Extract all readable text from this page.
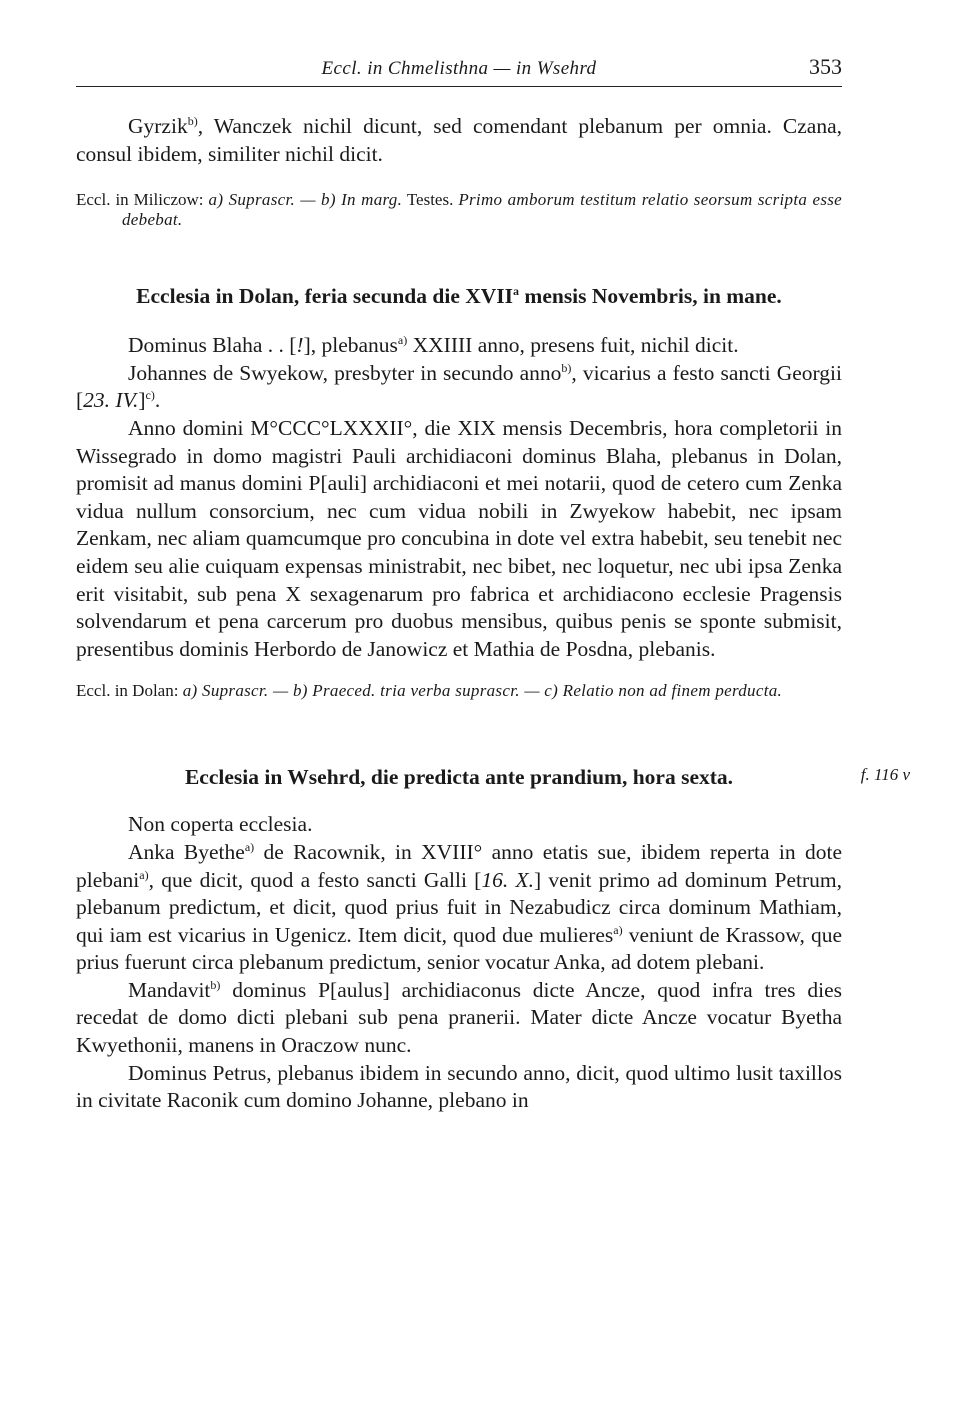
Eccl. in Chmelisthna — in Wsehrd	353

Gyrzik$^{b)}$, Wanczek nichil dicunt, sed comendant plebanum per omnia. Czana, consul ibidem, similiter nichil dicit.

Eccl. in Miliczow: a) Suprascr. — b) In marg. Testes. Primo amborum testitum relatio seorsum scripta esse debebat.

Ecclesia in Dolan, feria secunda die XVII$^a$ mensis Novembris, in mane.

Dominus Blaha . . [!], plebanus$^{a)}$ XXIIII anno, presens fuit, nichil dicit.

Johannes de Swyekow, presbyter in secundo anno$^{b)}$, vicarius a festo sancti Georgii [23. IV.]$^{c)}$.

Anno domini M°CCC°LXXXII°, die XIX mensis Decembris, hora completorii in Wissegrado in domo magistri Pauli archidiaconi dominus Blaha, plebanus in Dolan, promisit ad manus domini P[auli] archidiaconi et mei notarii, quod de cetero cum Zenka vidua nullum consorcium, nec cum vidua nobili in Zwyekow habebit, nec ipsam Zenkam, nec aliam quamcumque pro concubina in dote vel extra habebit, seu tenebit nec eidem seu alie cuiquam expensas ministrabit, nec bibet, nec loquetur, nec ubi ipsa Zenka erit visitabit, sub pena X sexagenarum pro fabrica et archidiacono ecclesie Pragensis solvendarum et pena carcerum pro duobus mensibus, quibus penis se sponte submisit, presentibus dominis Herbordo de Janowicz et Mathia de Posdna, plebanis.

Eccl. in Dolan: a) Suprascr. — b) Praeced. tria verba suprascr. — c) Relatio non ad finem perducta.

Ecclesia in Wsehrd, die predicta ante prandium, hora sexta.	f. 116 v

Non coperta ecclesia.

Anka Byethe$^{a)}$ de Racownik, in XVIII° anno etatis sue, ibidem reperta in dote plebani$^{a)}$, que dicit, quod a festo sancti Galli [16. X.] venit primo ad dominum Petrum, plebanum predictum, et dicit, quod prius fuit in Nezabudicz circa dominum Mathiam, qui iam est vicarius in Ugenicz. Item dicit, quod due mulieres$^{a)}$ veniunt de Krassow, que prius fuerunt circa plebanum predictum, senior vocatur Anka, ad dotem plebani.

Mandavit$^{b)}$ dominus P[aulus] archidiaconus dicte Ancze, quod infra tres dies recedat de domo dicti plebani sub pena pranerii. Mater dicte Ancze vocatur Byetha Kwyethonii, manens in Oraczow nunc.

Dominus Petrus, plebanus ibidem in secundo anno, dicit, quod ultimo lusit taxillos in civitate Raconik cum domino Johanne, plebano in
